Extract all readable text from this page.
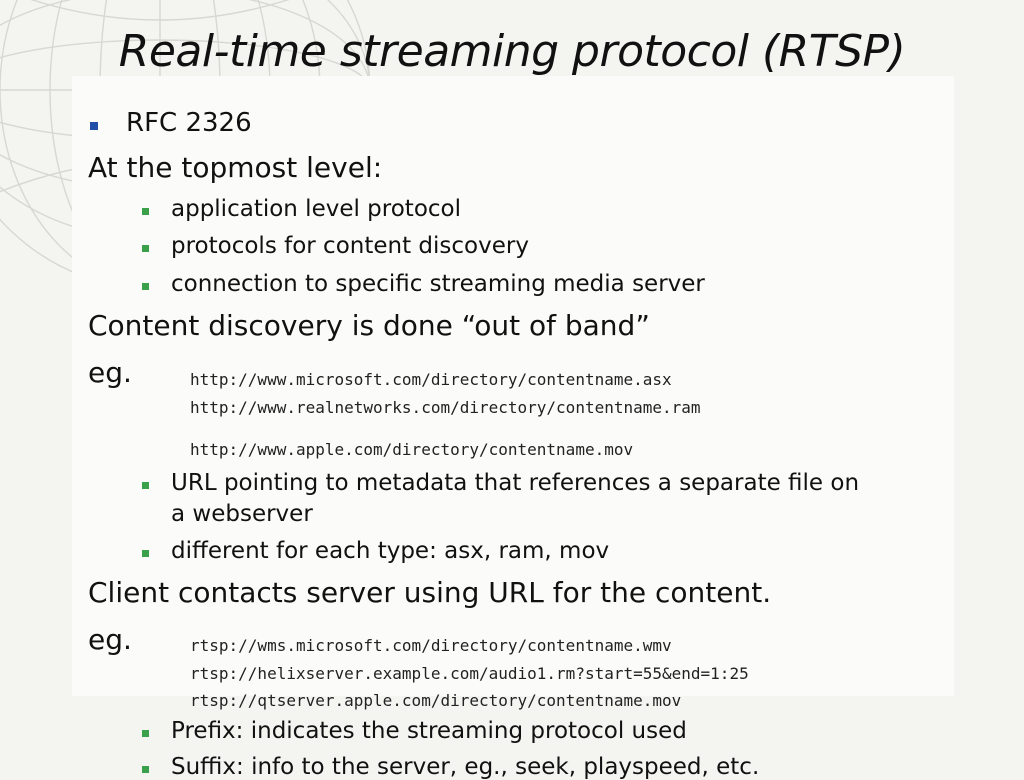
Real-time streaming protocol (RTSP)
RFC 2326
At the topmost level:
application level protocol
protocols for content discovery
connection to specific streaming media server
Content discovery is done “out of band”
eg.	http://www.microsoft.com/directory/contentname.asx
http://www.realnetworks.com/directory/contentname.ram
http://www.apple.com/directory/contentname.mov
URL pointing to metadata that references a separate file on
a webserver
different for each type: asx, ram, mov
Client contacts server using URL for the content.
eg.	rtsp://wms.microsoft.com/directory/contentname.wmv
rtsp://helixserver.example.com/audio1.rm?start=55&end=1:25
rtsp://qtserver.apple.com/directory/contentname.mov
Prefix: indicates the streaming protocol used
Suffix: info to the server, eg., seek, playspeed, etc.
